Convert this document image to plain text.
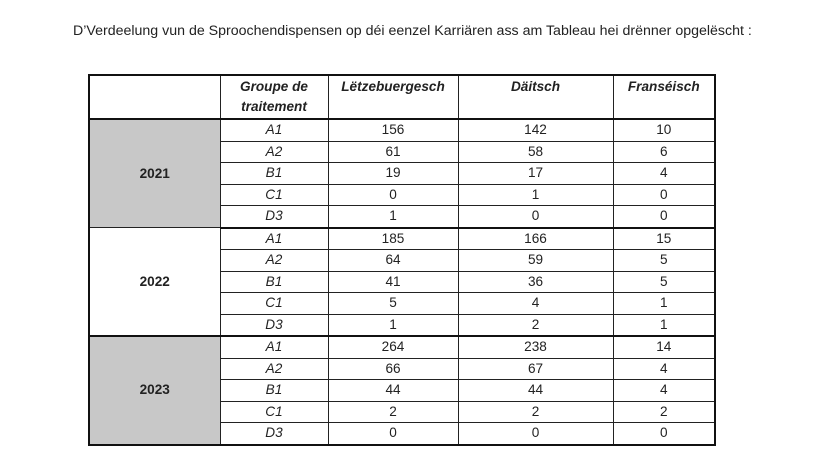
D’Verdeelung vun de Sproochendispensen op déi eenzel Karriären ass am Tableau hei drënner opgelëscht :

	Groupe de traitement	Lëtzebuergesch	Däitsch	Franséisch
2021	A1	156	142	10
	A2	61	58	6
	B1	19	17	4
	C1	0	1	0
	D3	1	0	0
2022	A1	185	166	15
	A2	64	59	5
	B1	41	36	5
	C1	5	4	1
	D3	1	2	1
2023	A1	264	238	14
	A2	66	67	4
	B1	44	44	4
	C1	2	2	2
	D3	0	0	0
